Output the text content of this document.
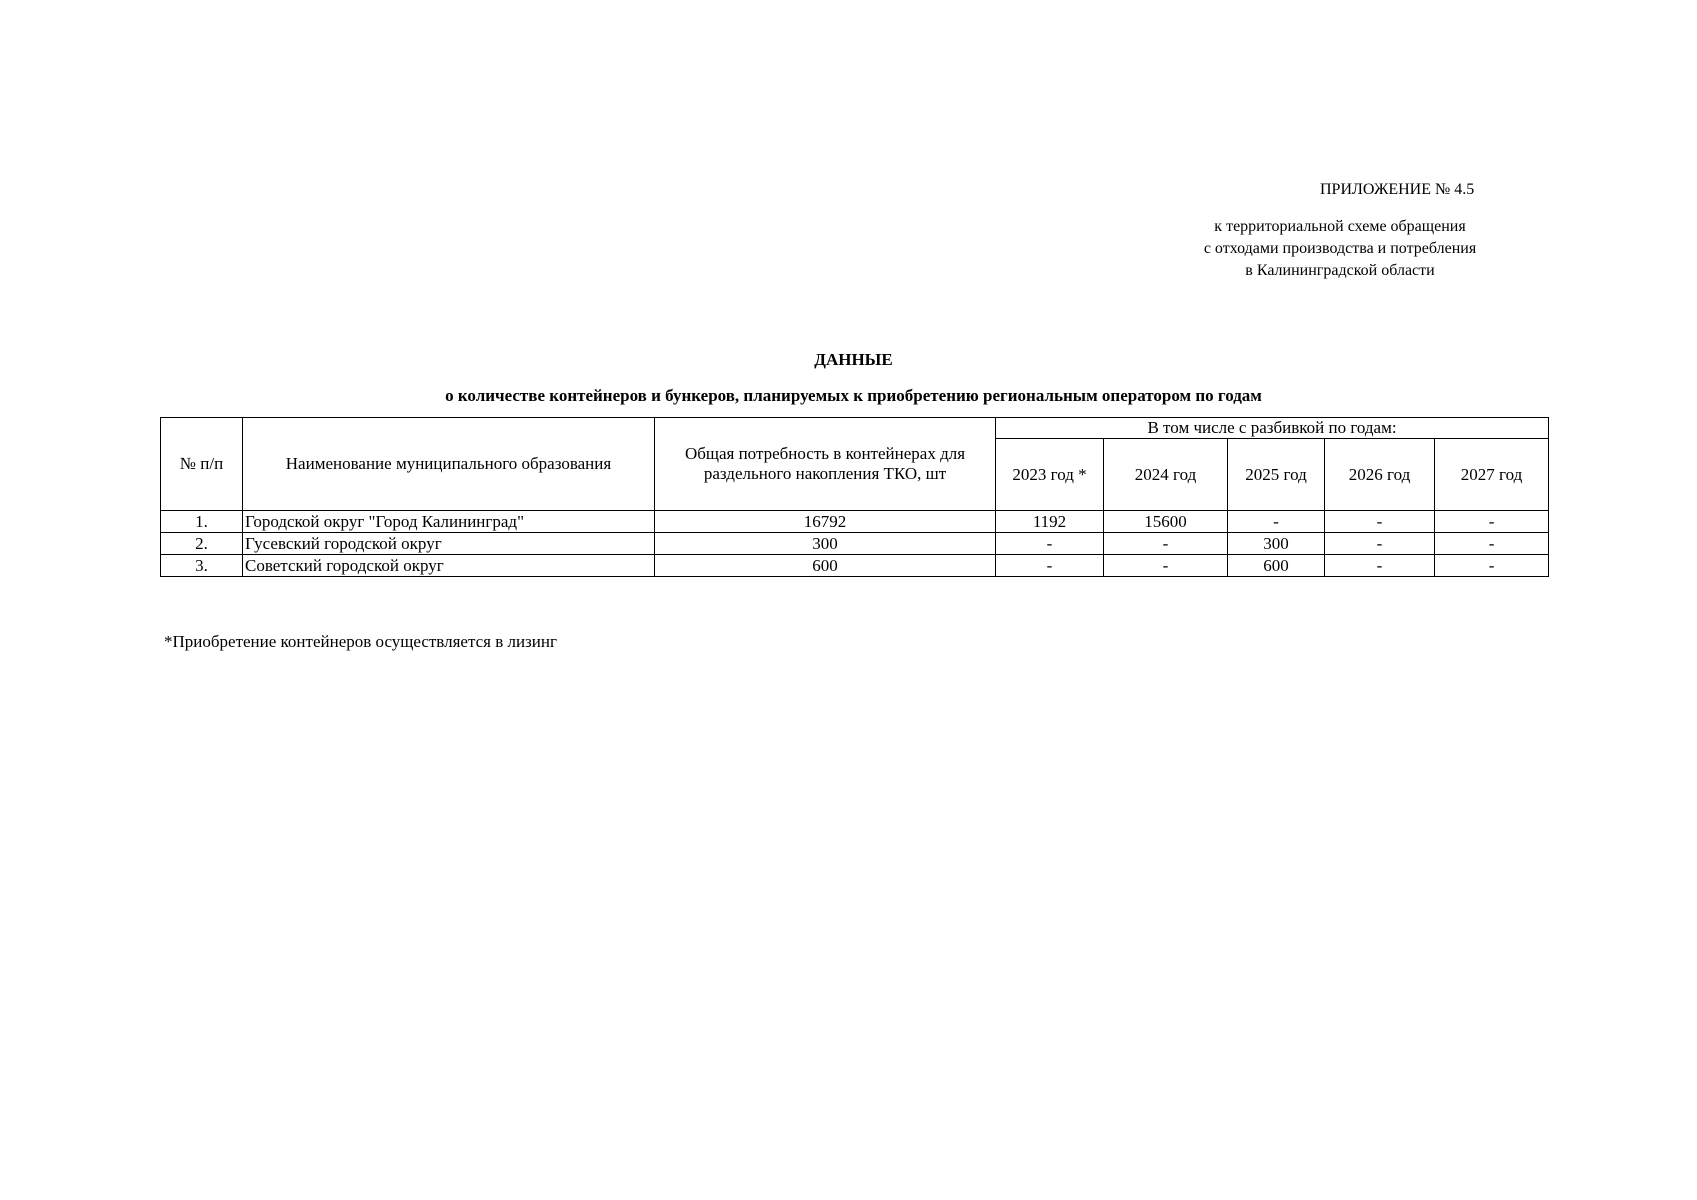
ПРИЛОЖЕНИЕ № 4.5
к территориальной схеме обращения
с отходами производства и потребления
в Калининградской области
ДАННЫЕ
о количестве контейнеров и бункеров, планируемых к приобретению региональным оператором по годам
№ п/п	Наименование муниципального образования	Общая потребность в контейнерах для раздельного накопления ТКО, шт	В том числе с разбивкой по годам:				
			2023 год *	2024 год	2025 год	2026 год	2027 год
1.	Городской округ "Город Калининград"	16792	1192	15600	-	-	-
2.	Гусевский городской округ	300	-	-	300	-	-
3.	Советский городской округ	600	-	-	600	-	-
*Приобретение контейнеров осуществляется в лизинг
